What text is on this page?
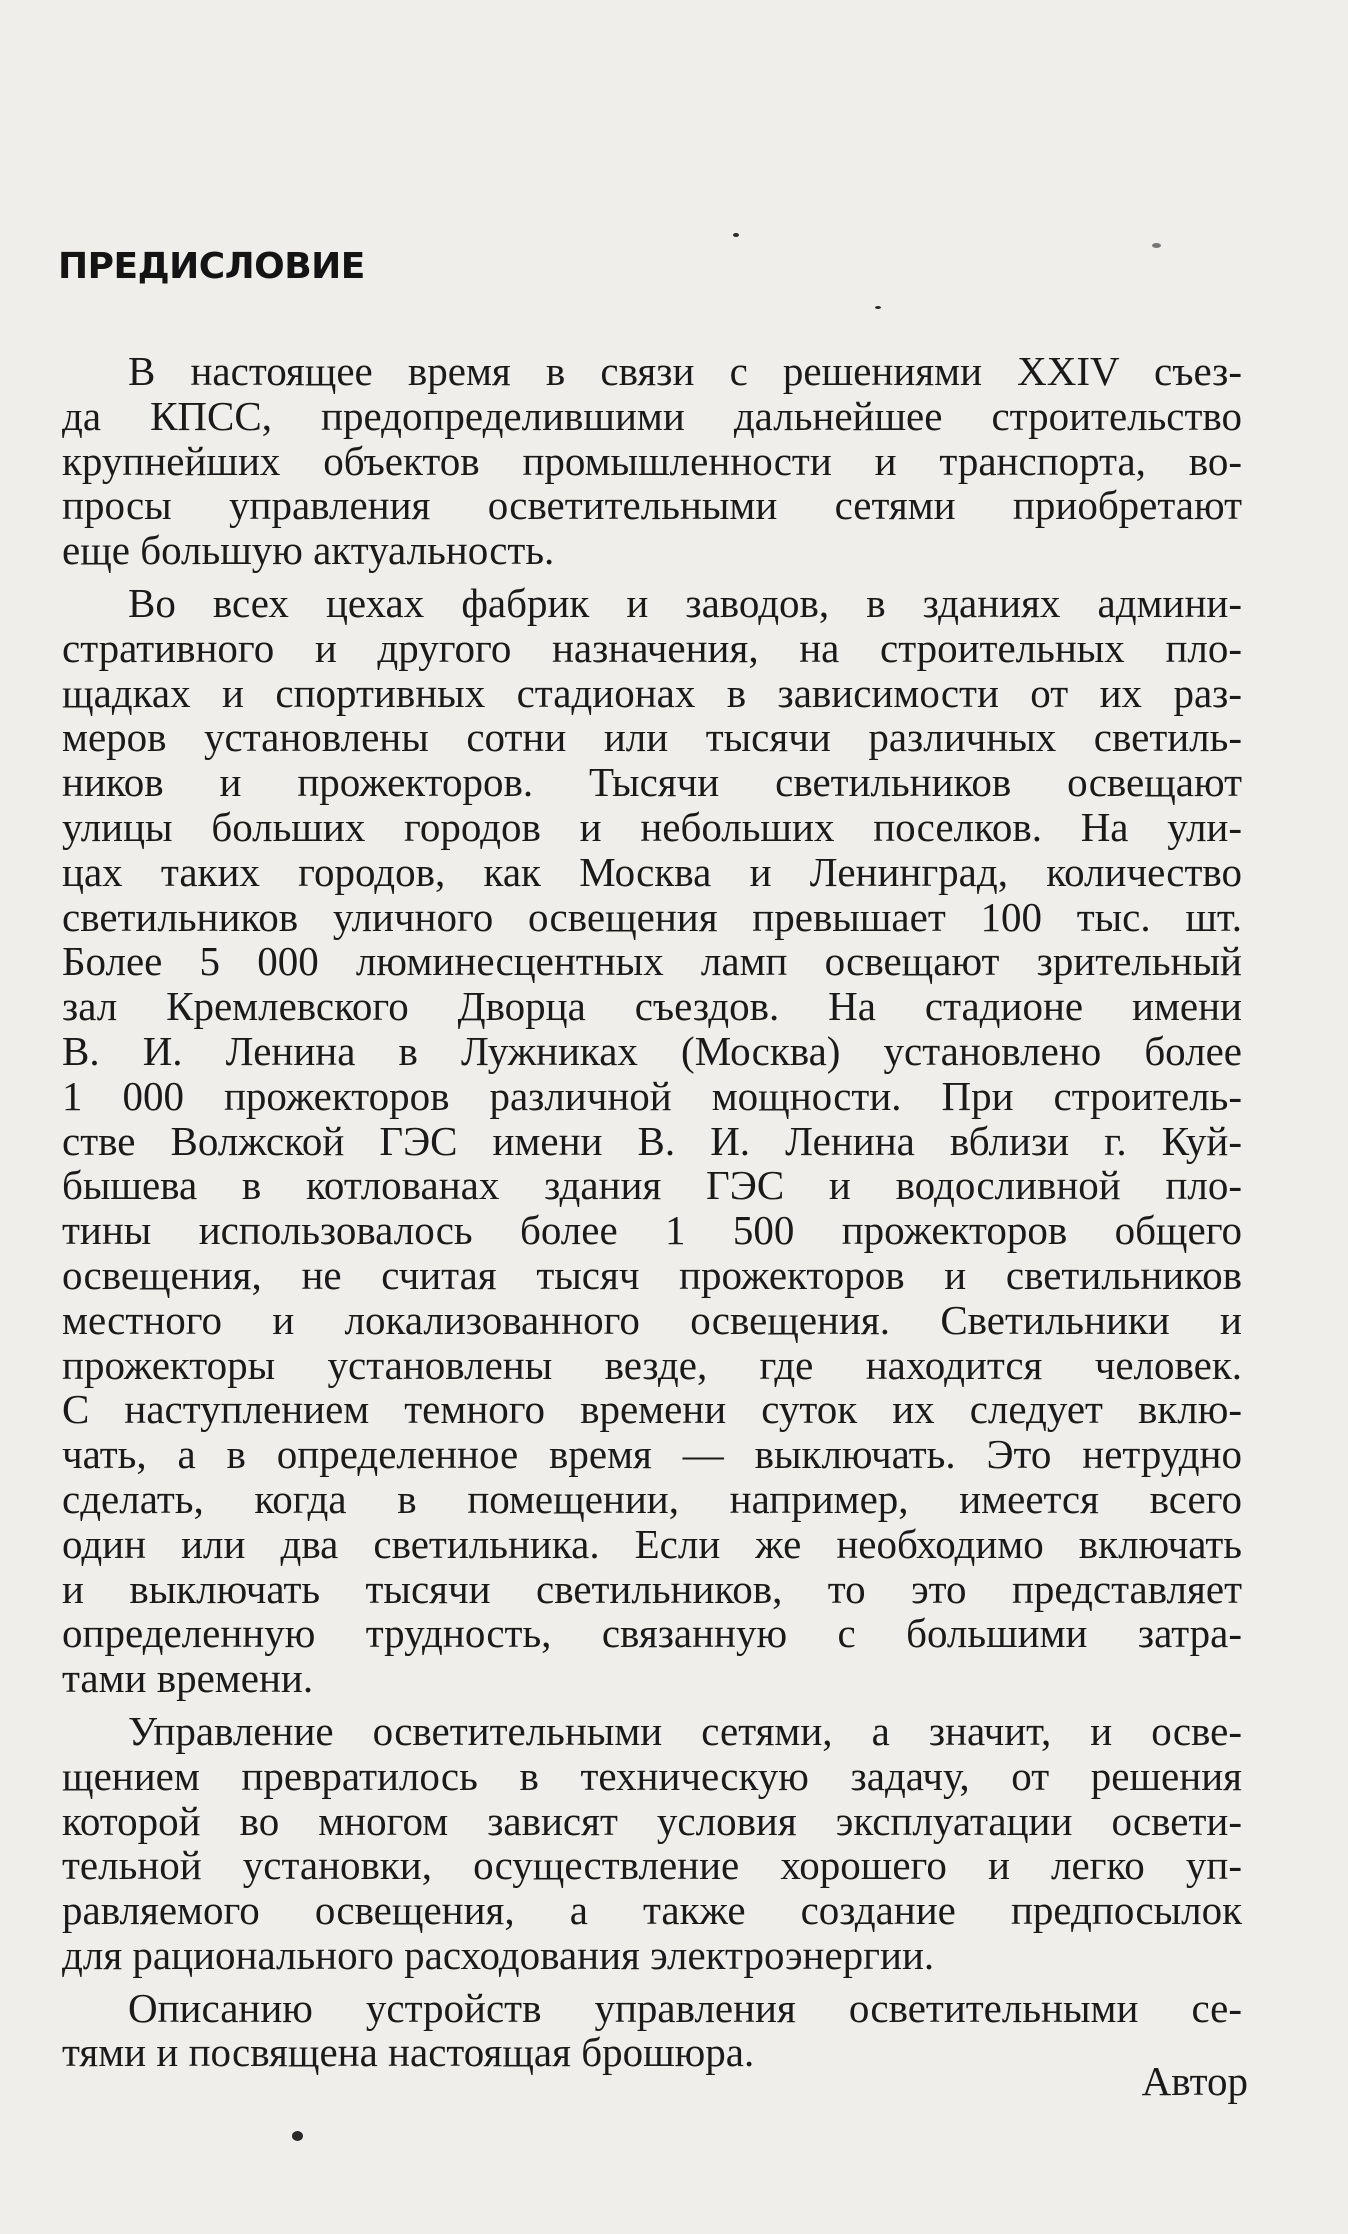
ПРЕДИСЛОВИЕ
В настоящее время в связи с решениями XXIV съез-
да КПСС, предопределившими дальнейшее строительство
крупнейших объектов промышленности и транспорта, во-
просы управления осветительными сетями приобретают
еще большую актуальность.
Во всех цехах фабрик и заводов, в зданиях админи-
стративного и другого назначения, на строительных пло-
щадках и спортивных стадионах в зависимости от их раз-
меров установлены сотни или тысячи различных светиль-
ников и прожекторов. Тысячи светильников освещают
улицы больших городов и небольших поселков. На ули-
цах таких городов, как Москва и Ленинград, количество
светильников уличного освещения превышает 100 тыс. шт.
Более 5 000 люминесцентных ламп освещают зрительный
зал Кремлевского Дворца съездов. На стадионе имени
В. И. Ленина в Лужниках (Москва) установлено более
1 000 прожекторов различной мощности. При строитель-
стве Волжской ГЭС имени В. И. Ленина вблизи г. Куй-
бышева в котлованах здания ГЭС и водосливной пло-
тины использовалось более 1 500 прожекторов общего
освещения, не считая тысяч прожекторов и светильников
местного и локализованного освещения. Светильники и
прожекторы установлены везде, где находится человек.
С наступлением темного времени суток их следует вклю-
чать, а в определенное время — выключать. Это нетрудно
сделать, когда в помещении, например, имеется всего
один или два светильника. Если же необходимо включать
и выключать тысячи светильников, то это представляет
определенную трудность, связанную с большими затра-
тами времени.
Управление осветительными сетями, а значит, и осве-
щением превратилось в техническую задачу, от решения
которой во многом зависят условия эксплуатации освети-
тельной установки, осуществление хорошего и легко уп-
равляемого освещения, а также создание предпосылок
для рационального расходования электроэнергии.
Описанию устройств управления осветительными се-
тями и посвящена настоящая брошюра.
Автор
